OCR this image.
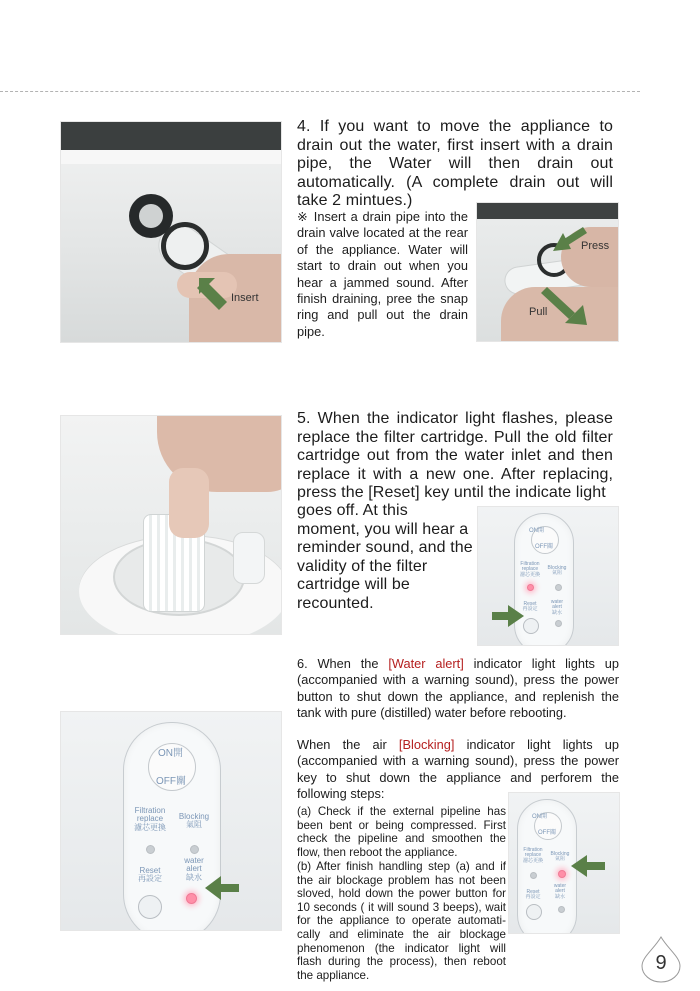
Insert

4. If you want to move the appliance to drain out the water, first insert with a drain pipe, the Water will then drain out automatically. (A complete drain out will take 2 mintues.)

※ Insert a drain pipe into the drain valve located at the rear of the appliance. Water will start to drain out when you hear a jammed sound. After finish draining, pree the snap ring and pull out the drain pipe.

Press
Pull

5. When the indicator light flashes, please replace the filter cartridge. Pull the old filter cartridge out from the water inlet and then replace it with a new one. After replacing, press the [Reset] key until the indicate light

goes off. At this moment, you will hear a reminder sound, and the validity of the filter cartridge will be recounted.

ON開
OFF關
Filtration
replace
濾芯更換
Blocking
氣阻
Reset
再設定
water
alert
缺水
ON開
OFF關
Filtration
replace
濾芯更換
Blocking
氣阻
Reset
再設定
water
alert
缺水

6. When the [Water alert] indicator light lights up (accompanied with a warning sound), press the power button to shut down the appliance, and replenish the tank with pure (distilled) water before rebooting.

When the air [Blocking] indicator light lights up (accompanied with a warning sound), press the power key to shut down the appliance and perforem the following steps:

(a) Check if the external pipeline has been bent or being compressed. First check the pipeline and smoothen the flow, then reboot the appliance.

(b) After finish handling step (a) and if the air blockage problem has not been sloved, hold down the power button for 10 seconds ( it will sound 3 beeps), wait for the appliance to operate automati-cally and eliminate the air blockage phenomenon (the indicator light will flash during the process), then reboot the appliance.

ON開
OFF關
Filtration
replace
濾芯更換
Blocking
氣阻
Reset
再設定
water
alert
缺水
9
